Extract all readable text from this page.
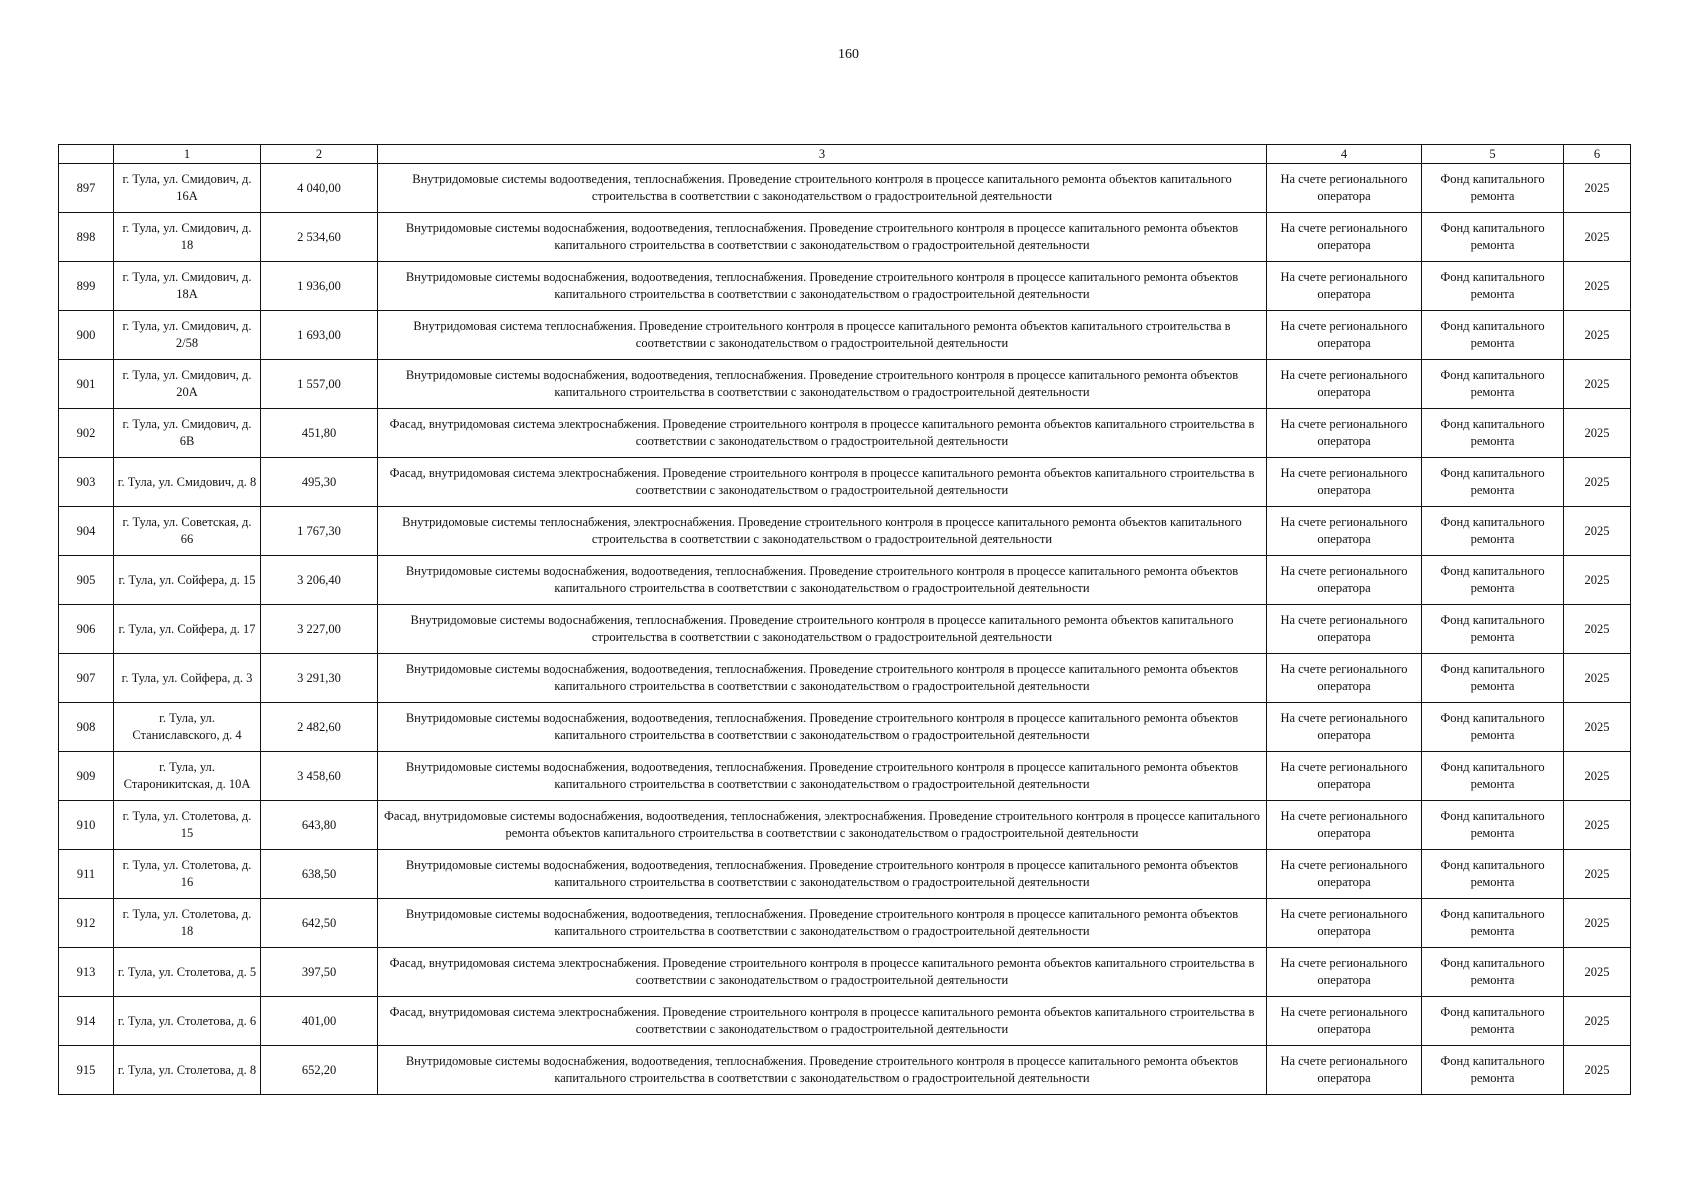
160
	1	2	3	4	5	6
897	г. Тула, ул. Смидович, д. 16А	4 040,00	Внутридомовые системы водоотведения, теплоснабжения. Проведение строительного контроля в процессе капитального ремонта объектов капитального строительства в соответствии с законодательством о градостроительной деятельности	На счете регионального оператора	Фонд капитального ремонта	2025
898	г. Тула, ул. Смидович, д. 18	2 534,60	Внутридомовые системы водоснабжения, водоотведения, теплоснабжения. Проведение строительного контроля в процессе капитального ремонта объектов капитального строительства в соответствии с законодательством о градостроительной деятельности	На счете регионального оператора	Фонд капитального ремонта	2025
899	г. Тула, ул. Смидович, д. 18А	1 936,00	Внутридомовые системы водоснабжения, водоотведения, теплоснабжения. Проведение строительного контроля в процессе капитального ремонта объектов капитального строительства в соответствии с законодательством о градостроительной деятельности	На счете регионального оператора	Фонд капитального ремонта	2025
900	г. Тула, ул. Смидович, д. 2/58	1 693,00	Внутридомовая система теплоснабжения. Проведение строительного контроля в процессе капитального ремонта объектов капитального строительства в соответствии с законодательством о градостроительной деятельности	На счете регионального оператора	Фонд капитального ремонта	2025
901	г. Тула, ул. Смидович, д. 20А	1 557,00	Внутридомовые системы водоснабжения, водоотведения, теплоснабжения. Проведение строительного контроля в процессе капитального ремонта объектов капитального строительства в соответствии с законодательством о градостроительной деятельности	На счете регионального оператора	Фонд капитального ремонта	2025
902	г. Тула, ул. Смидович, д. 6В	451,80	Фасад, внутридомовая система электроснабжения. Проведение строительного контроля в процессе капитального ремонта объектов капитального строительства в соответствии с законодательством о градостроительной деятельности	На счете регионального оператора	Фонд капитального ремонта	2025
903	г. Тула, ул. Смидович, д. 8	495,30	Фасад, внутридомовая система электроснабжения. Проведение строительного контроля в процессе капитального ремонта объектов капитального строительства в соответствии с законодательством о градостроительной деятельности	На счете регионального оператора	Фонд капитального ремонта	2025
904	г. Тула, ул. Советская, д. 66	1 767,30	Внутридомовые системы теплоснабжения, электроснабжения. Проведение строительного контроля в процессе капитального ремонта объектов капитального строительства в соответствии с законодательством о градостроительной деятельности	На счете регионального оператора	Фонд капитального ремонта	2025
905	г. Тула, ул. Сойфера, д. 15	3 206,40	Внутридомовые системы водоснабжения, водоотведения, теплоснабжения. Проведение строительного контроля в процессе капитального ремонта объектов капитального строительства в соответствии с законодательством о градостроительной деятельности	На счете регионального оператора	Фонд капитального ремонта	2025
906	г. Тула, ул. Сойфера, д. 17	3 227,00	Внутридомовые системы водоснабжения, теплоснабжения. Проведение строительного контроля в процессе капитального ремонта объектов капитального строительства в соответствии с законодательством о градостроительной деятельности	На счете регионального оператора	Фонд капитального ремонта	2025
907	г. Тула, ул. Сойфера, д. 3	3 291,30	Внутридомовые системы водоснабжения, водоотведения, теплоснабжения. Проведение строительного контроля в процессе капитального ремонта объектов капитального строительства в соответствии с законодательством о градостроительной деятельности	На счете регионального оператора	Фонд капитального ремонта	2025
908	г. Тула, ул. Станиславского, д. 4	2 482,60	Внутридомовые системы водоснабжения, водоотведения, теплоснабжения. Проведение строительного контроля в процессе капитального ремонта объектов капитального строительства в соответствии с законодательством о градостроительной деятельности	На счете регионального оператора	Фонд капитального ремонта	2025
909	г. Тула, ул. Староникитская, д. 10А	3 458,60	Внутридомовые системы водоснабжения, водоотведения, теплоснабжения. Проведение строительного контроля в процессе капитального ремонта объектов капитального строительства в соответствии с законодательством о градостроительной деятельности	На счете регионального оператора	Фонд капитального ремонта	2025
910	г. Тула, ул. Столетова, д. 15	643,80	Фасад, внутридомовые системы водоснабжения, водоотведения, теплоснабжения, электроснабжения. Проведение строительного контроля в процессе капитального ремонта объектов капитального строительства в соответствии с законодательством о градостроительной деятельности	На счете регионального оператора	Фонд капитального ремонта	2025
911	г. Тула, ул. Столетова, д. 16	638,50	Внутридомовые системы водоснабжения, водоотведения, теплоснабжения. Проведение строительного контроля в процессе капитального ремонта объектов капитального строительства в соответствии с законодательством о градостроительной деятельности	На счете регионального оператора	Фонд капитального ремонта	2025
912	г. Тула, ул. Столетова, д. 18	642,50	Внутридомовые системы водоснабжения, водоотведения, теплоснабжения. Проведение строительного контроля в процессе капитального ремонта объектов капитального строительства в соответствии с законодательством о градостроительной деятельности	На счете регионального оператора	Фонд капитального ремонта	2025
913	г. Тула, ул. Столетова, д. 5	397,50	Фасад, внутридомовая система электроснабжения. Проведение строительного контроля в процессе капитального ремонта объектов капитального строительства в соответствии с законодательством о градостроительной деятельности	На счете регионального оператора	Фонд капитального ремонта	2025
914	г. Тула, ул. Столетова, д. 6	401,00	Фасад, внутридомовая система электроснабжения. Проведение строительного контроля в процессе капитального ремонта объектов капитального строительства в соответствии с законодательством о градостроительной деятельности	На счете регионального оператора	Фонд капитального ремонта	2025
915	г. Тула, ул. Столетова, д. 8	652,20	Внутридомовые системы водоснабжения, водоотведения, теплоснабжения. Проведение строительного контроля в процессе капитального ремонта объектов капитального строительства в соответствии с законодательством о градостроительной деятельности	На счете регионального оператора	Фонд капитального ремонта	2025
